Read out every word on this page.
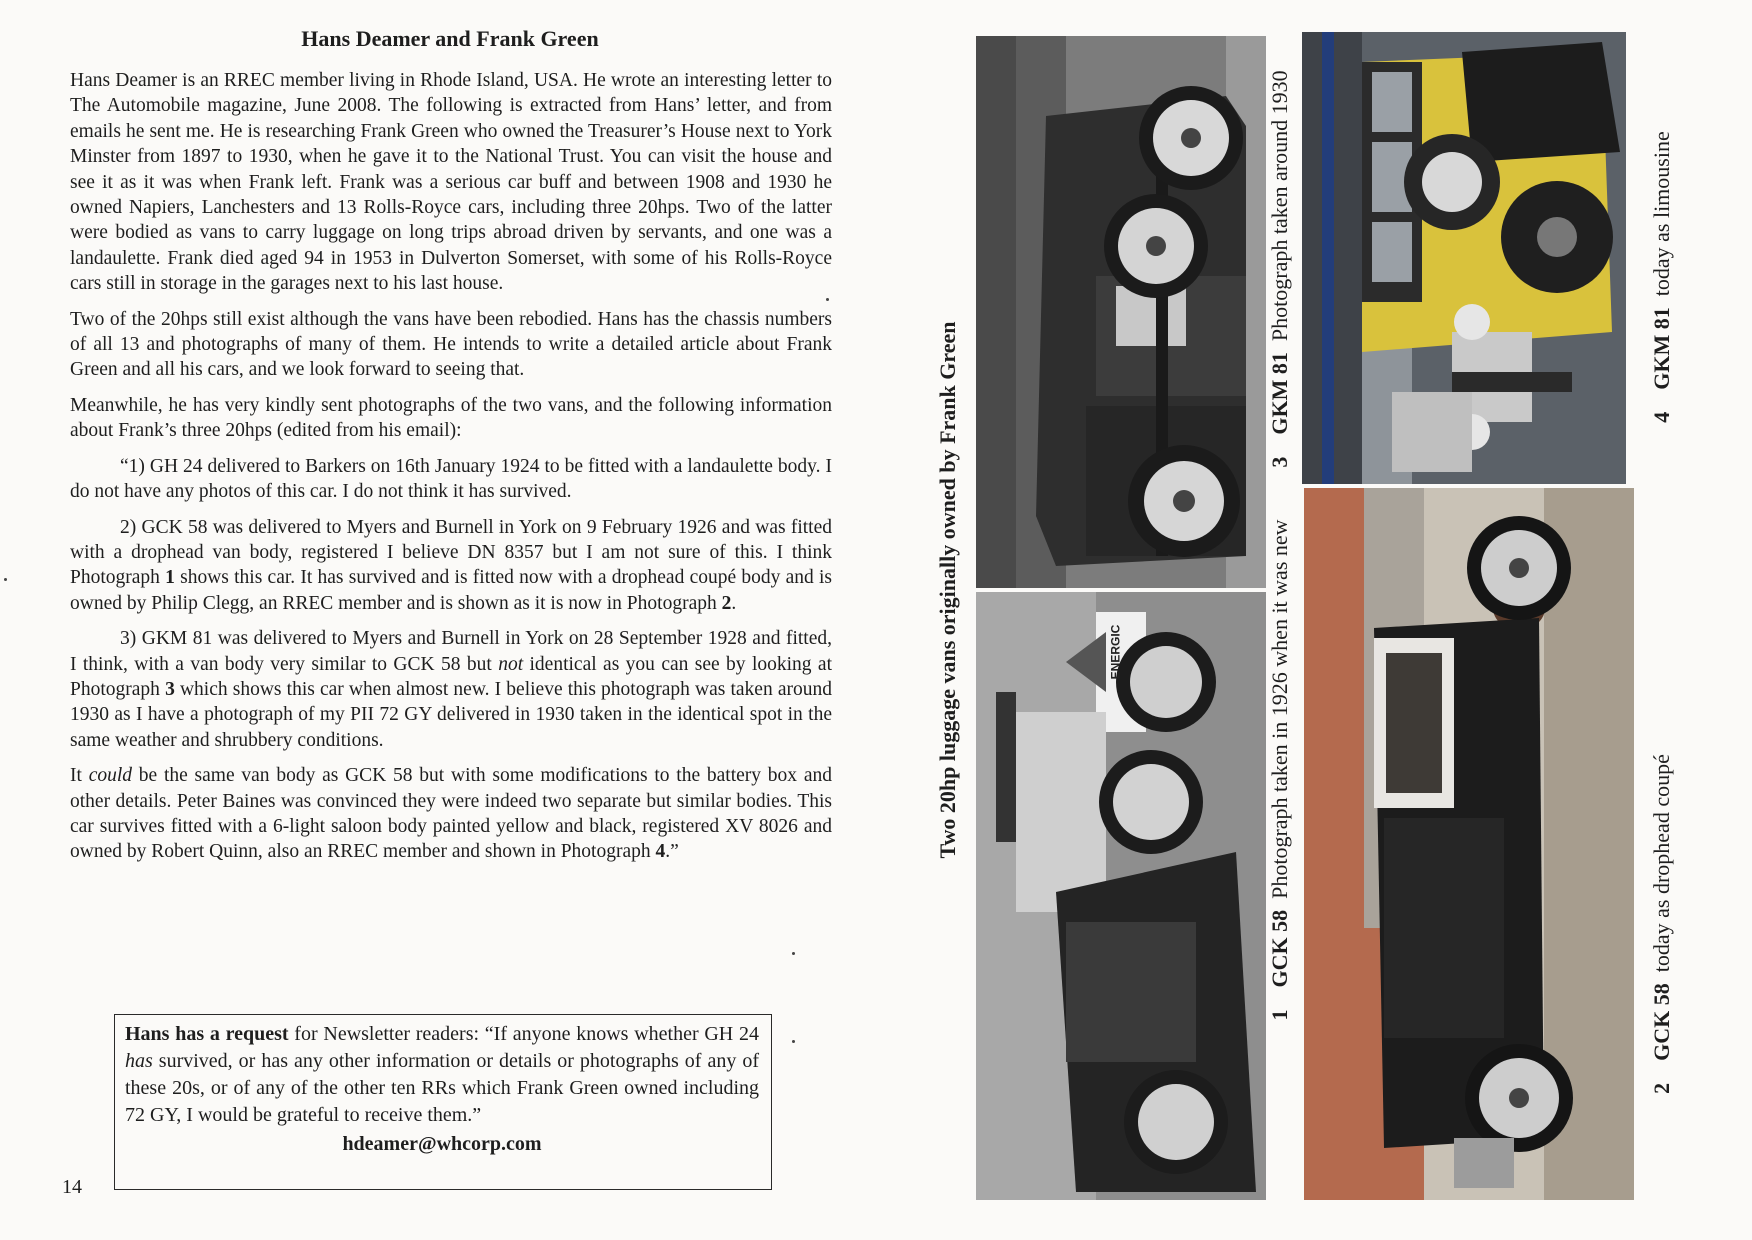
Hans Deamer and Frank Green

Hans Deamer is an RREC member living in Rhode Island, USA. He wrote an interesting letter to The Automobile magazine, June 2008. The following is extracted from Hans’ letter, and from emails he sent me. He is researching Frank Green who owned the Treasurer’s House next to York Minster from 1897 to 1930, when he gave it to the National Trust. You can visit the house and see it as it was when Frank left. Frank was a serious car buff and between 1908 and 1930 he owned Napiers, Lanchesters and 13 Rolls-Royce cars, including three 20hps. Two of the latter were bodied as vans to carry luggage on long trips abroad driven by servants, and one was a landaulette. Frank died aged 94 in 1953 in Dulverton Somerset, with some of his Rolls-Royce cars still in storage in the garages next to his last house.

Two of the 20hps still exist although the vans have been rebodied. Hans has the chassis numbers of all 13 and photographs of many of them. He intends to write a detailed article about Frank Green and all his cars, and we look forward to seeing that.

Meanwhile, he has very kindly sent photographs of the two vans, and the following information about Frank’s three 20hps (edited from his email):

“1) GH 24 delivered to Barkers on 16th January 1924 to be fitted with a landaulette body. I do not have any photos of this car. I do not think it has survived.

2) GCK 58 was delivered to Myers and Burnell in York on 9 February 1926 and was fitted with a drophead van body, registered I believe DN 8357 but I am not sure of this. I think Photograph 1 shows this car. It has survived and is fitted now with a drophead coupé body and is owned by Philip Clegg, an RREC member and is shown as it is now in Photograph 2.

3) GKM 81 was delivered to Myers and Burnell in York on 28 September 1928 and fitted, I think, with a van body very similar to GCK 58 but not identical as you can see by looking at Photograph 3 which shows this car when almost new. I believe this photograph was taken around 1930 as I have a photograph of my PII 72 GY delivered in 1930 taken in the identical spot in the same weather and shrubbery conditions.

It could be the same van body as GCK 58 but with some modifications to the battery box and other details. Peter Baines was convinced they were indeed two separate but similar bodies. This car survives fitted with a 6-light saloon body painted yellow and black, registered XV 8026 and owned by Robert Quinn, also an RREC member and shown in Photograph 4.”

Hans has a request for Newsletter readers: “If anyone knows whether GH 24 has survived, or has any other information or details or photographs of any of these 20s, or of any of the other ten RRs which Frank Green owned including 72 GY, I would be grateful to receive them.”
hdeamer@whcorp.com
14
Two 20hp luggage vans originally owned by Frank Green	ENERGIC
1    GCK 58  Photograph taken in 1926 when it was new
3    GKM 81  Photograph taken around 1930
4    GKM 81  today as limousine
2    GCK 58  today as drophead coupé
